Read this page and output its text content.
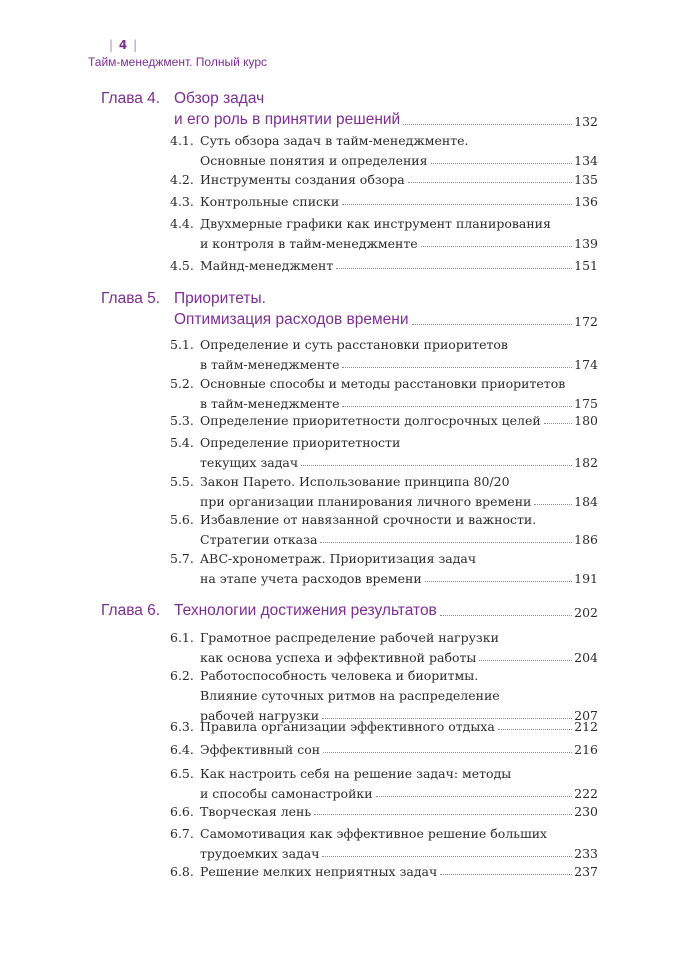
| 4 |
Тайм-менеджмент. Полный курс
Глава 4. Обзор задач
и его роль в принятии решений	132
4.1. Суть обзора задач в тайм-менеджменте.
Основные понятия и определения	134
4.2. Инструменты создания обзора	135
4.3. Контрольные списки	136
4.4. Двухмерные графики как инструмент планирования
и контроля в тайм-менеджменте	139
4.5. Майнд-менеджмент	151
Глава 5. Приоритеты.
Оптимизация расходов времени	172
5.1. Определение и суть расстановки приоритетов
в тайм-менеджменте	174
5.2. Основные способы и методы расстановки приоритетов
в тайм-менеджменте	175
5.3. Определение приоритетности долгосрочных целей	180
5.4. Определение приоритетности
текущих задач	182
5.5. Закон Парето. Использование принципа 80/20
при организации планирования личного времени	184
5.6. Избавление от навязанной срочности и важности.
Стратегии отказа	186
5.7. ABC-хронометраж. Приоритизация задач
на этапе учета расходов времени	191
Глава 6. Технологии достижения результатов	202
6.1. Грамотное распределение рабочей нагрузки
как основа успеха и эффективной работы	204
6.2. Работоспособность человека и биоритмы.
Влияние суточных ритмов на распределение
рабочей нагрузки	207
6.3. Правила организации эффективного отдыха	212
6.4. Эффективный сон	216
6.5. Как настроить себя на решение задач: методы
и способы самонастройки	222
6.6. Творческая лень	230
6.7. Самомотивация как эффективное решение больших
трудоемких задач	233
6.8. Решение мелких неприятных задач	237
